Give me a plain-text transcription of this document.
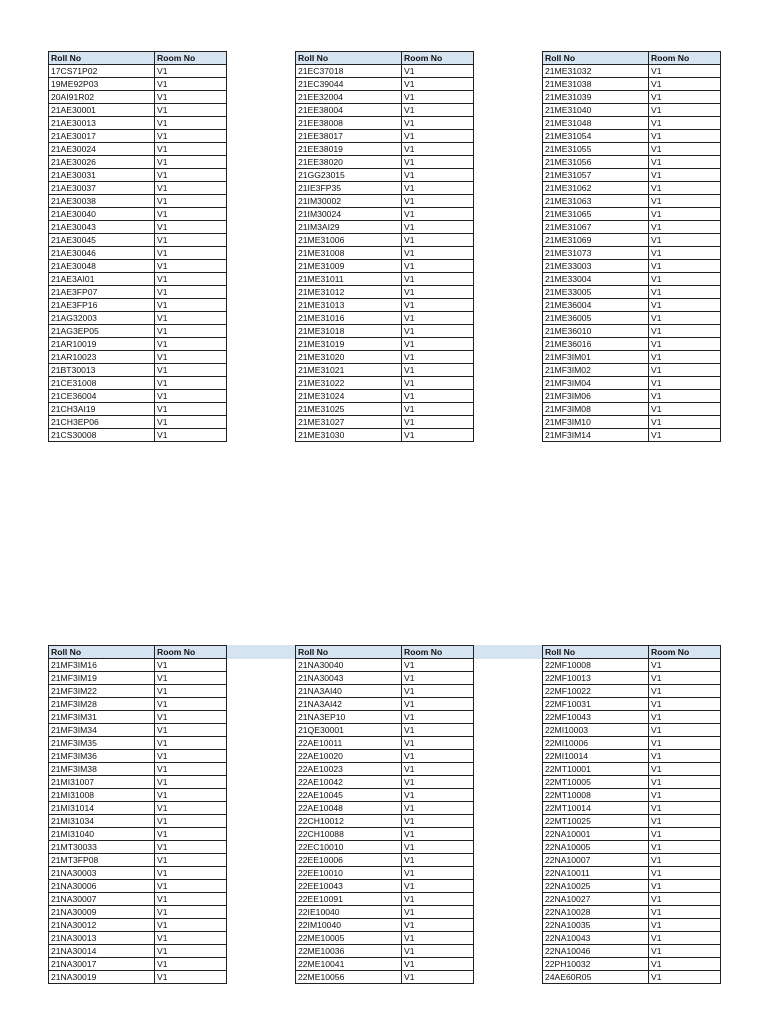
Roll No	Room No
17CS71P02	V1
19ME92P03	V1
20AI91R02	V1
21AE30001	V1
21AE30013	V1
21AE30017	V1
21AE30024	V1
21AE30026	V1
21AE30031	V1
21AE30037	V1
21AE30038	V1
21AE30040	V1
21AE30043	V1
21AE30045	V1
21AE30046	V1
21AE30048	V1
21AE3AI01	V1
21AE3FP07	V1
21AE3FP16	V1
21AG32003	V1
21AG3EP05	V1
21AR10019	V1
21AR10023	V1
21BT30013	V1
21CE31008	V1
21CE36004	V1
21CH3AI19	V1
21CH3EP06	V1
21CS30008	V1
Roll No	Room No
21EC37018	V1
21EC39044	V1
21EE32004	V1
21EE38004	V1
21EE38008	V1
21EE38017	V1
21EE38019	V1
21EE38020	V1
21GG23015	V1
21IE3FP35	V1
21IM30002	V1
21IM30024	V1
21IM3AI29	V1
21ME31006	V1
21ME31008	V1
21ME31009	V1
21ME31011	V1
21ME31012	V1
21ME31013	V1
21ME31016	V1
21ME31018	V1
21ME31019	V1
21ME31020	V1
21ME31021	V1
21ME31022	V1
21ME31024	V1
21ME31025	V1
21ME31027	V1
21ME31030	V1
Roll No	Room No
21ME31032	V1
21ME31038	V1
21ME31039	V1
21ME31040	V1
21ME31048	V1
21ME31054	V1
21ME31055	V1
21ME31056	V1
21ME31057	V1
21ME31062	V1
21ME31063	V1
21ME31065	V1
21ME31067	V1
21ME31069	V1
21ME31073	V1
21ME33003	V1
21ME33004	V1
21ME33005	V1
21ME36004	V1
21ME36005	V1
21ME36010	V1
21ME36016	V1
21MF3IM01	V1
21MF3IM02	V1
21MF3IM04	V1
21MF3IM06	V1
21MF3IM08	V1
21MF3IM10	V1
21MF3IM14	V1
Roll No	Room No
21MF3IM16	V1
21MF3IM19	V1
21MF3IM22	V1
21MF3IM28	V1
21MF3IM31	V1
21MF3IM34	V1
21MF3IM35	V1
21MF3IM36	V1
21MF3IM38	V1
21MI31007	V1
21MI31008	V1
21MI31014	V1
21MI31034	V1
21MI31040	V1
21MT30033	V1
21MT3FP08	V1
21NA30003	V1
21NA30006	V1
21NA30007	V1
21NA30009	V1
21NA30012	V1
21NA30013	V1
21NA30014	V1
21NA30017	V1
21NA30019	V1
Roll No	Room No
21NA30040	V1
21NA30043	V1
21NA3AI40	V1
21NA3AI42	V1
21NA3EP10	V1
21QE30001	V1
22AE10011	V1
22AE10020	V1
22AE10023	V1
22AE10042	V1
22AE10045	V1
22AE10048	V1
22CH10012	V1
22CH10088	V1
22EC10010	V1
22EE10006	V1
22EE10010	V1
22EE10043	V1
22EE10091	V1
22IE10040	V1
22IM10040	V1
22ME10005	V1
22ME10036	V1
22ME10041	V1
22ME10056	V1
Roll No	Room No
22MF10008	V1
22MF10013	V1
22MF10022	V1
22MF10031	V1
22MF10043	V1
22MI10003	V1
22MI10006	V1
22MI10014	V1
22MT10001	V1
22MT10005	V1
22MT10008	V1
22MT10014	V1
22MT10025	V1
22NA10001	V1
22NA10005	V1
22NA10007	V1
22NA10011	V1
22NA10025	V1
22NA10027	V1
22NA10028	V1
22NA10035	V1
22NA10043	V1
22NA10046	V1
22PH10032	V1
24AE60R05	V1
